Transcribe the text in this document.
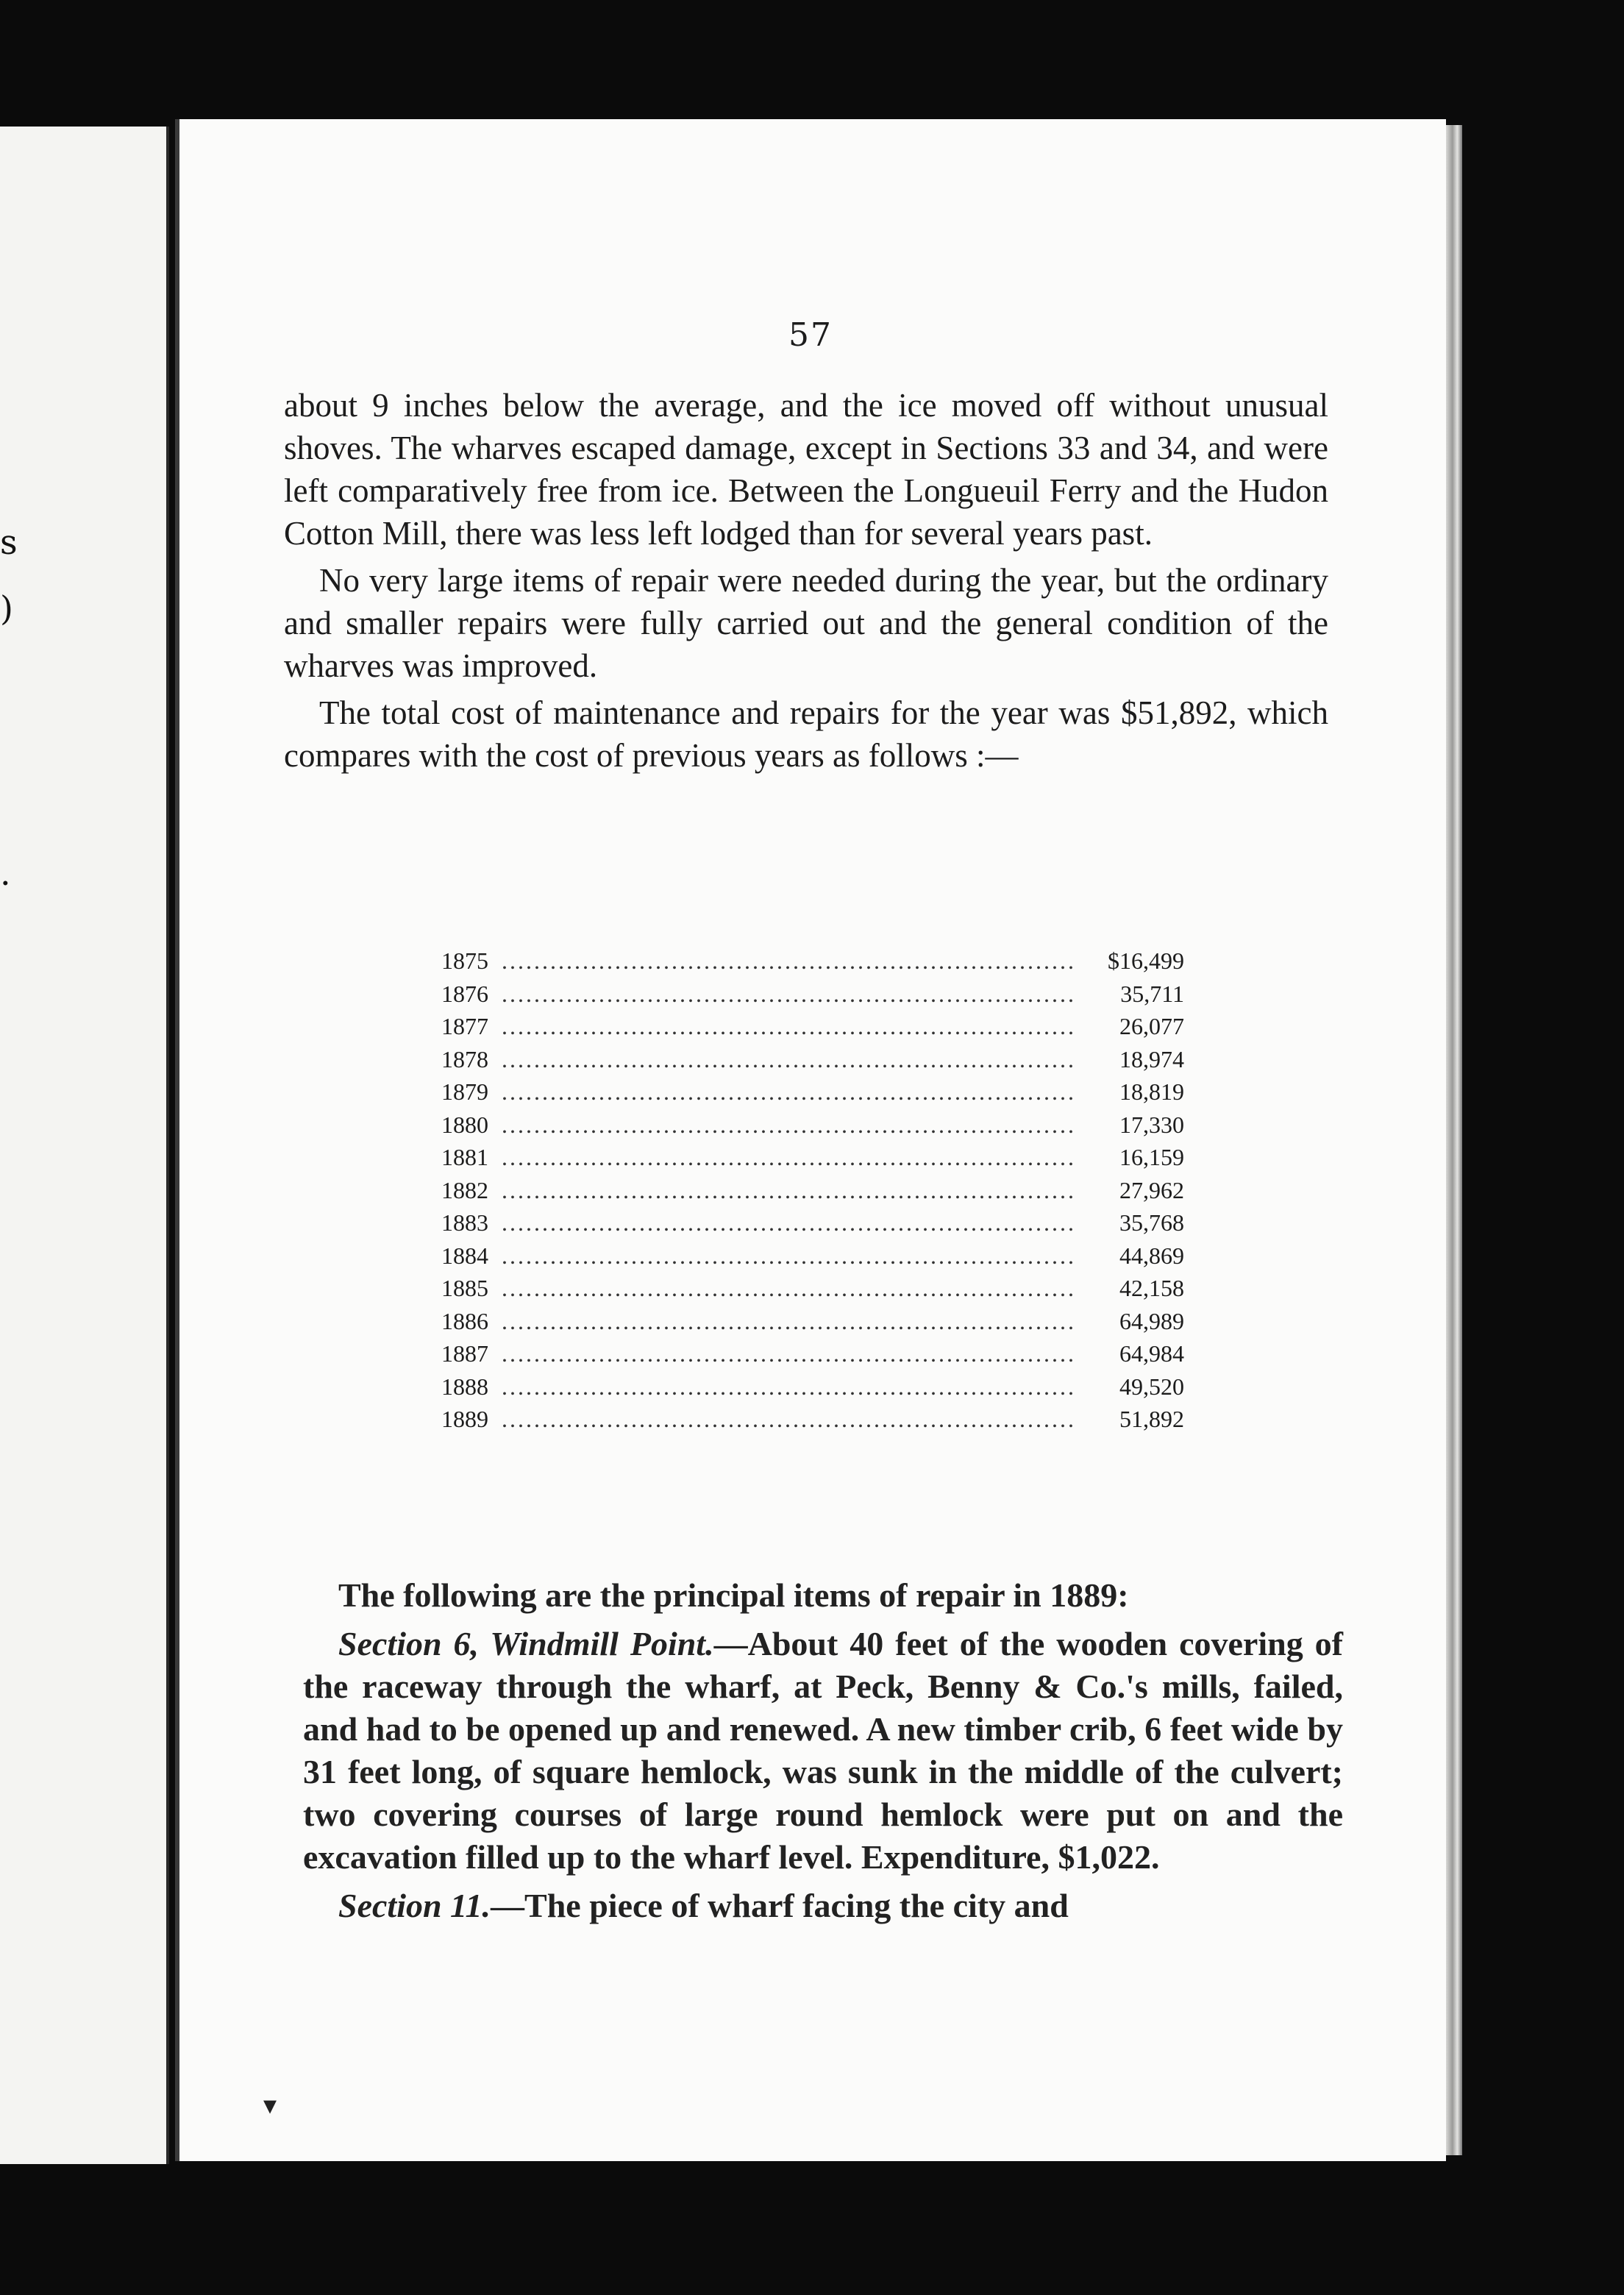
s
)

.
57

about 9 inches below the average, and the ice moved off without unusual shoves. The wharves escaped damage, except in Sections 33 and 34, and were left comparatively free from ice. Between the Longueuil Ferry and the Hudon Cotton Mill, there was less left lodged than for several years past.

No very large items of repair were needed during the year, but the ordinary and smaller repairs were fully carried out and the general condition of the wharves was improved.

The total cost of maintenance and repairs for the year was $51,892, which compares with the cost of previous years as follows :—

1875 .....	$16,499
1876 .....	35,711
1877 .....	26,077
1878 .....	18,974
1879 .....	18,819
1880 .....	17,330
1881 .....	16,159
1882 .....	27,962
1883 .....	35,768
1884 .....	44,869
1885 .....	42,158
1886 .....	64,989
1887 .....	64,984
1888 .....	49,520
1889 .....	51,892

The following are the principal items of repair in 1889:

Section 6, Windmill Point.—About 40 feet of the wooden covering of the raceway through the wharf, at Peck, Benny & Co.'s mills, failed, and had to be opened up and renewed. A new timber crib, 6 feet wide by 31 feet long, of square hemlock, was sunk in the middle of the culvert; two covering courses of large round hemlock were put on and the excavation filled up to the wharf level. Expenditure, $1,022.

Section 11.—The piece of wharf facing the city and

▾
